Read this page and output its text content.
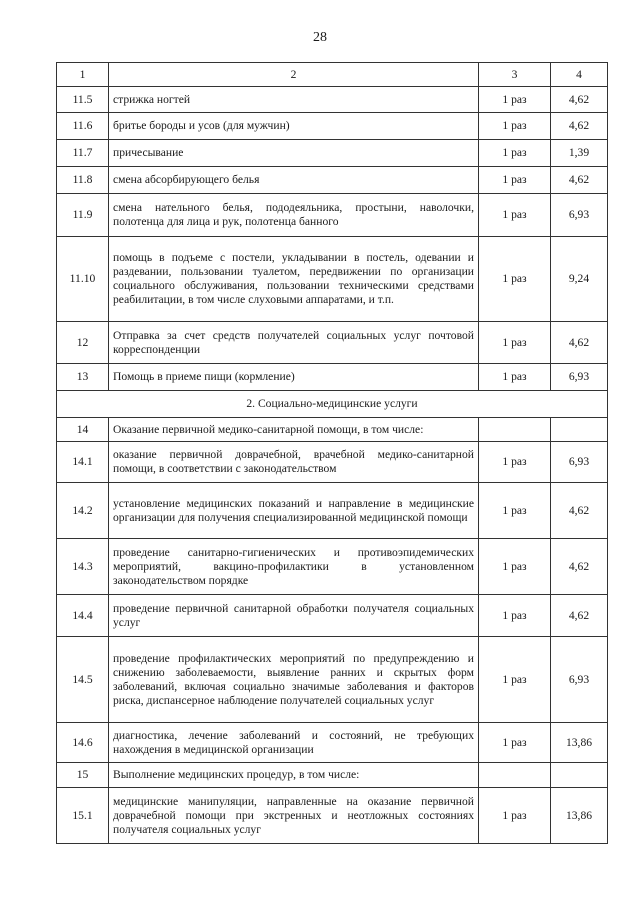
28
1	2	3	4
11.5	стрижка ногтей	1 раз	4,62
11.6	бритье бороды и усов (для мужчин)	1 раз	4,62
11.7	причесывание	1 раз	1,39
11.8	смена абсорбирующего белья	1 раз	4,62
11.9	смена нательного белья, пододеяльника, простыни, наволочки, полотенца для лица и рук, полотенца банного	1 раз	6,93
11.10	помощь в подъеме с постели, укладывании в постель, одевании и раздевании, пользовании туалетом, передвижении по организации социального обслуживания, пользовании техническими средствами реабилитации, в том числе слуховыми аппаратами, и т.п.	1 раз	9,24
12	Отправка за счет средств получателей социальных услуг почтовой корреспонденции	1 раз	4,62
13	Помощь в приеме пищи (кормление)	1 раз	6,93
2. Социально-медицинские услуги			
14	Оказание первичной медико-санитарной помощи, в том числе:		
14.1	оказание первичной доврачебной, врачебной медико-санитарной помощи, в соответствии с законодательством	1 раз	6,93
14.2	установление медицинских показаний и направление в медицинские организации для получения специализированной медицинской помощи	1 раз	4,62
14.3	проведение санитарно-гигиенических и противоэпидемических мероприятий, вакцино-профилактики в установленном законодательством порядке	1 раз	4,62
14.4	проведение первичной санитарной обработки получателя социальных услуг	1 раз	4,62
14.5	проведение профилактических мероприятий по предупреждению и снижению заболеваемости, выявление ранних и скрытых форм заболеваний, включая социально значимые заболевания и факторов риска, диспансерное наблюдение получателей социальных услуг	1 раз	6,93
14.6	диагностика, лечение заболеваний и состояний, не требующих нахождения в медицинской организации	1 раз	13,86
15	Выполнение медицинских процедур, в том числе:		
15.1	медицинские манипуляции, направленные на оказание первичной доврачебной помощи при экстренных и неотложных состояниях получателя социальных услуг	1 раз	13,86
